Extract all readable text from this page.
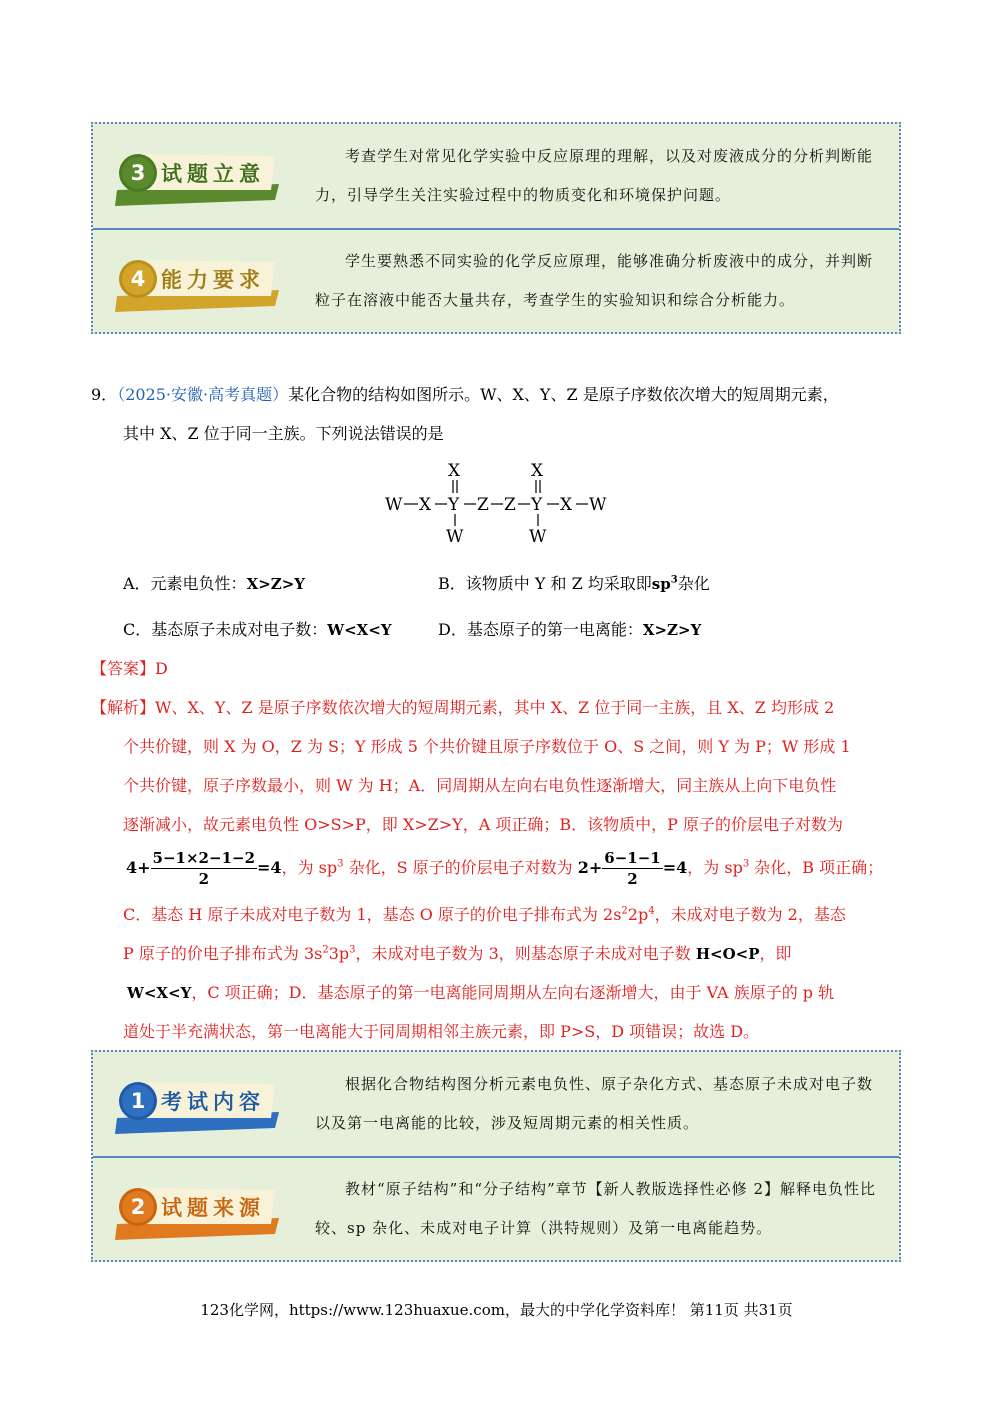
3 试题立意
考查学生对常见化学实验中反应原理的理解，以及对废液成分的分析判断能力，引导学生关注实验过程中的物质变化和环境保护问题。
4 能力要求
学生要熟悉不同实验的化学反应原理，能够准确分析废液中的成分，并判断粒子在溶液中能否大量共存，考查学生的实验知识和综合分析能力。
9．（2025·安徽·高考真题）某化合物的结构如图所示。W、X、Y、Z 是原子序数依次增大的短周期元素，
其中 X、Z 位于同一主族。下列说法错误的是
W X Y Z Z Y X W
X	X
W	W
A．元素电负性：X>Z>Y	B．该物质中 Y 和 Z 均采取即$sp^3$杂化
C．基态原子未成对电子数：W<X<Y	D．基态原子的第一电离能：X>Z>Y
【答案】D
【解析】W、X、Y、Z 是原子序数依次增大的短周期元素，其中 X、Z 位于同一主族，且 X、Z 均形成 2
个共价键，则 X 为 O，Z 为 S；Y 形成 5 个共价键且原子序数位于 O、S 之间，则 Y 为 P；W 形成 1
个共价键，原子序数最小，则 W 为 H；A．同周期从左向右电负性逐渐增大，同主族从上向下电负性
逐渐减小，故元素电负性 O>S>P，即 X>Z>Y，A 项正确；B．该物质中，P 原子的价层电子对数为
$4+ \frac{5-1\times 2-1-2}{2} =4$，为 $sp^3$ 杂化，S 原子的价层电子对数为 $2+ \frac{6-1-1}{2} =4$，为 $sp^3$ 杂化，B 项正确；
C．基态 H 原子未成对电子数为 1，基态 O 原子的价电子排布式为 $2s^22p^4$，未成对电子数为 2，基态
P 原子的价电子排布式为 $3s^23p^3$，未成对电子数为 3，则基态原子未成对电子数 H<O<P，即
W<X<Y，C 项正确；D．基态原子的第一电离能同周期从左向右逐渐增大，由于 VA 族原子的 p 轨
道处于半充满状态，第一电离能大于同周期相邻主族元素，即 P>S，D 项错误；故选 D。
1 考试内容
根据化合物结构图分析元素电负性、原子杂化方式、基态原子未成对电子数以及第一电离能的比较，涉及短周期元素的相关性质。
2 试题来源
教材“原子结构”和“分子结构”章节【新人教版选择性必修 2】解释电负性比较、sp 杂化、未成对电子计算（洪特规则）及第一电离能趋势。
123化学网，https://www.123huaxue.com，最大的中学化学资料库！ 第11页 共31页
